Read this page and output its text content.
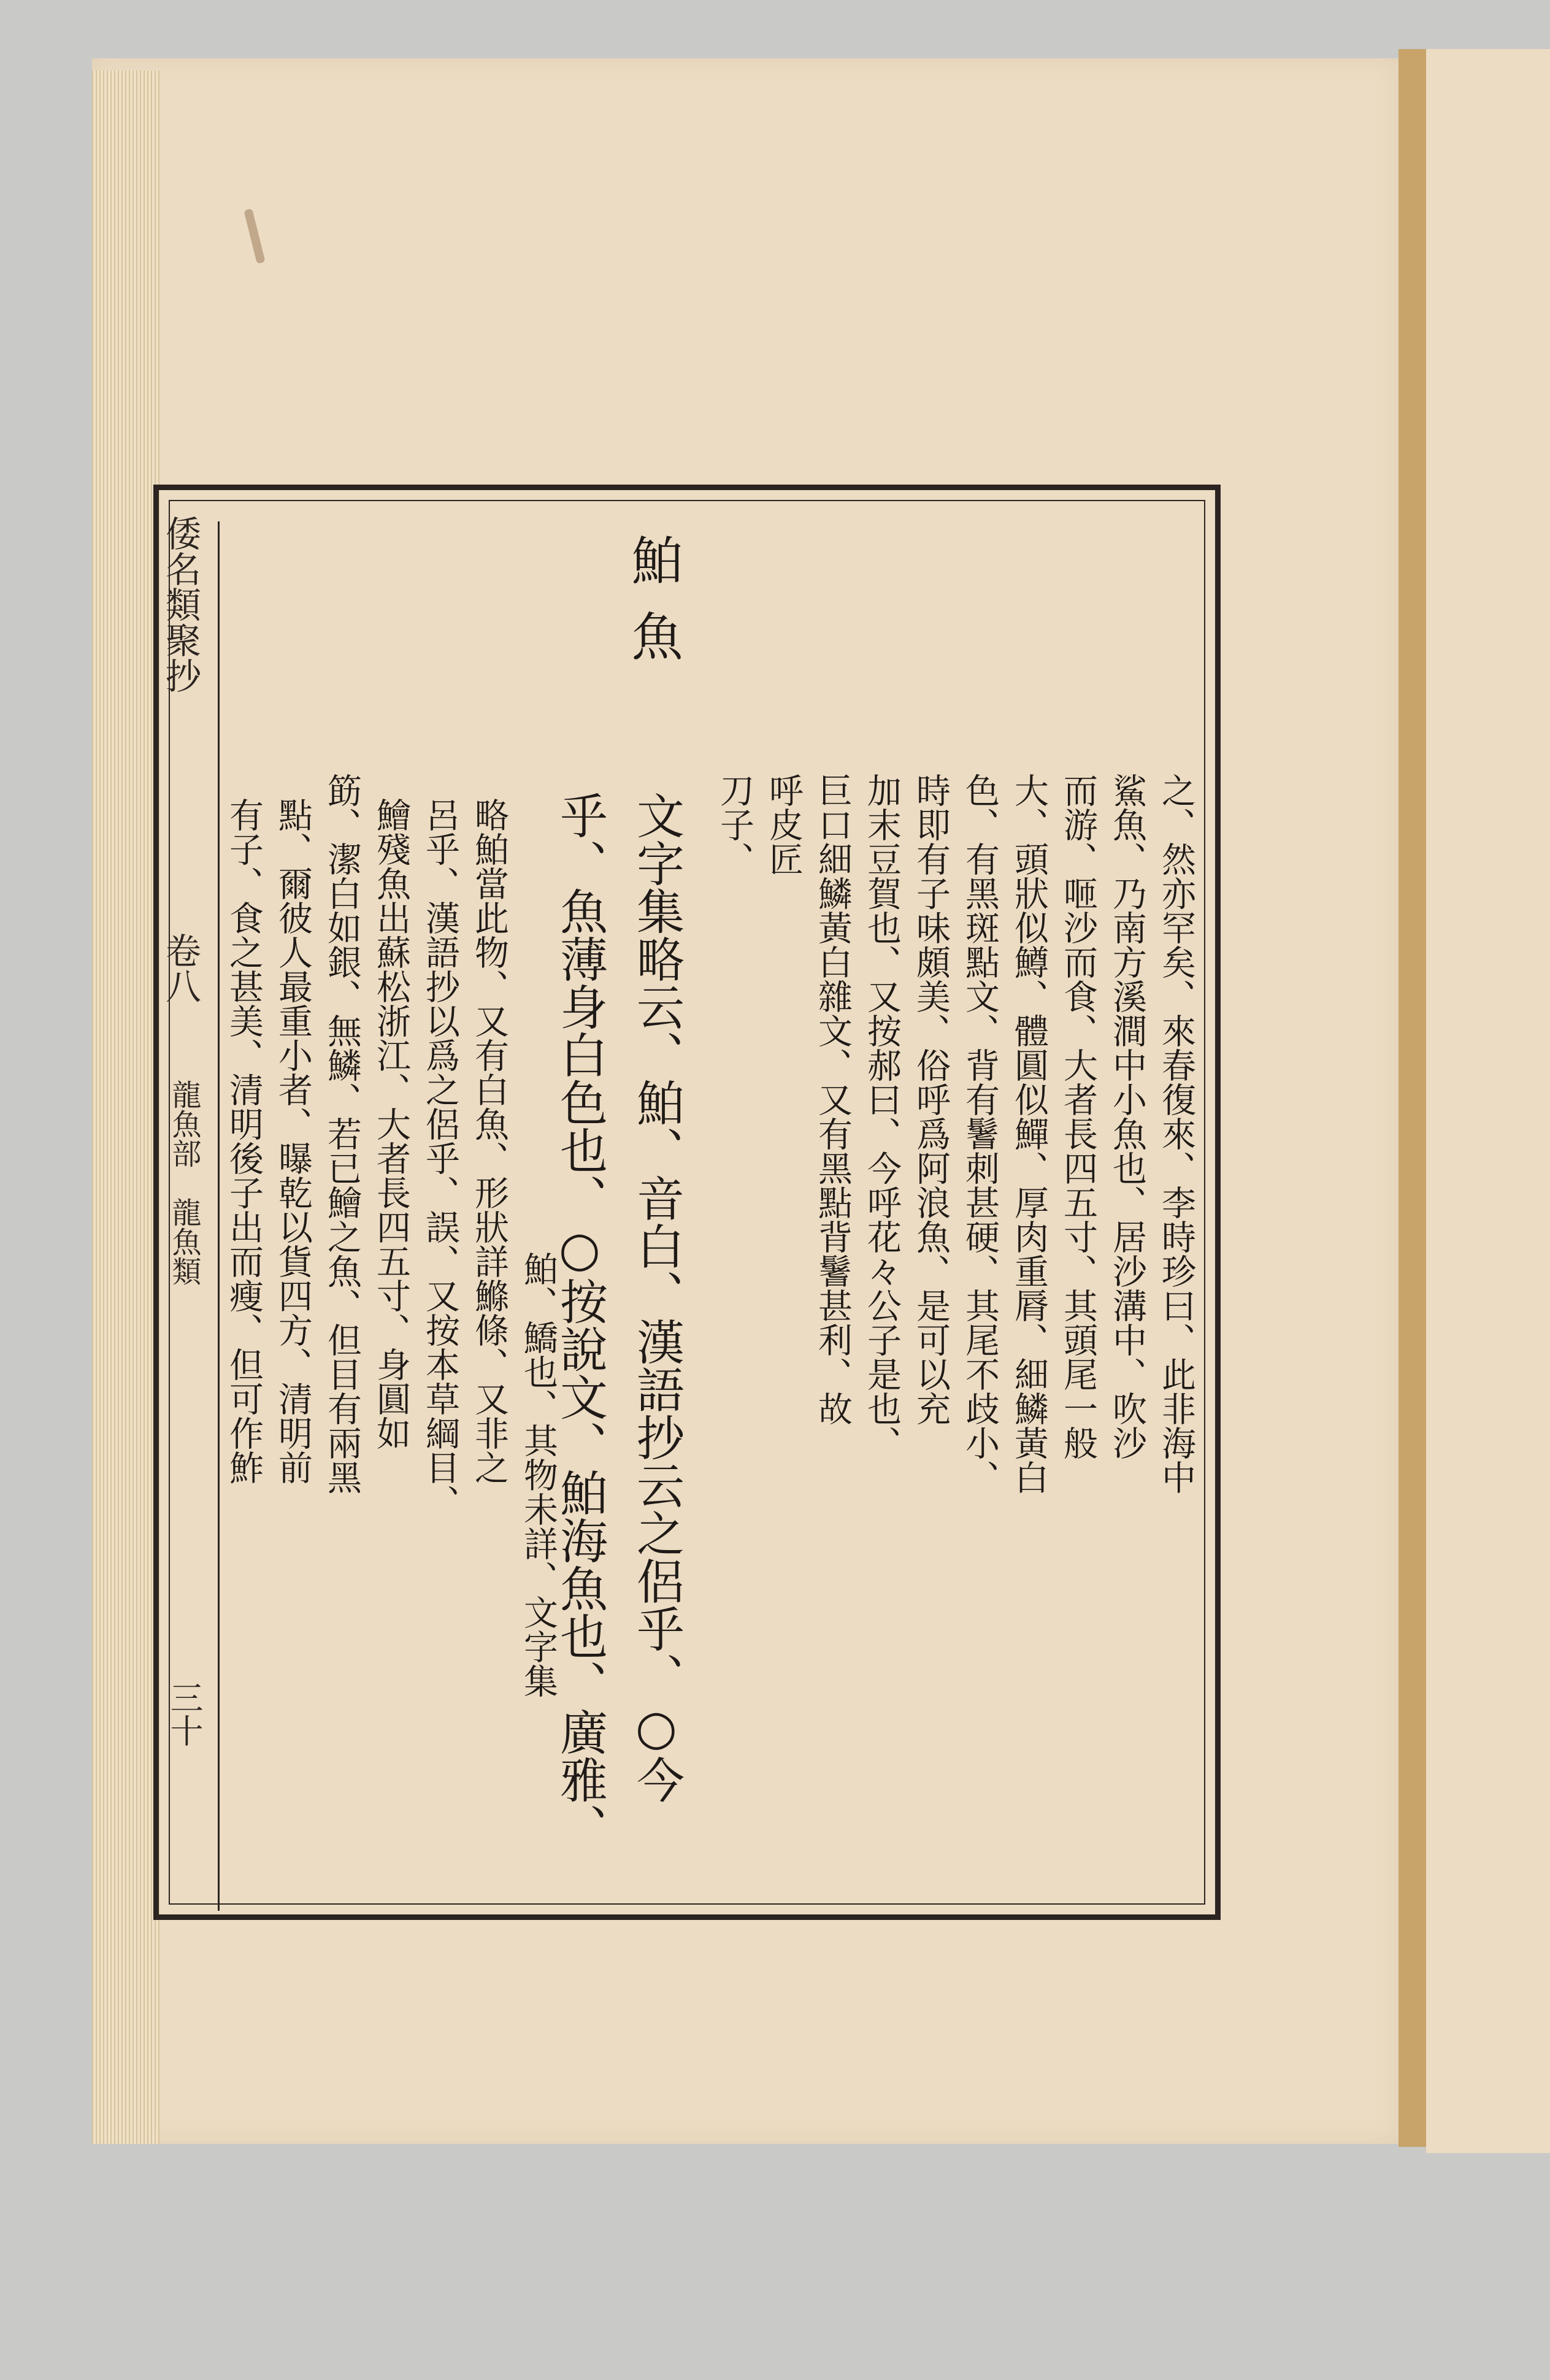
之、然亦罕矣、來春復來、李時珍曰、此非海中
鯊魚、乃南方溪澗中小魚也、居沙溝中、吹沙
而游、咂沙而食、大者長四五寸、其頭尾一般
大、頭狀似鱒、體圓似鱓、厚肉重脣、細鱗黃白
色、有黑斑點文、背有鬐刺甚硬、其尾不歧小、
時即有子味頗美、俗呼爲阿浪魚、是可以充
加末豆賀也、又按郝曰、今呼花々公子是也、
巨口細鱗黃白雜文、又有黑點背鬐甚利、故
呼皮匠
刀子、
鮊魚
文字集略云、鮊、音白、漢語抄云之侶乎、○今
乎、魚薄身白色也、○按說文、鮊海魚也、廣雅、
鮊、鱎也、其物未詳、文字集
略鮊當此物、又有白魚、形狀詳鰷條、又非之
呂乎、漢語抄以爲之侶乎、誤、又按本草綱目、
鱠殘魚出蘇松浙江、大者長四五寸、身圓如
筯、潔白如銀、無鱗、若已鱠之魚、但目有兩黑
點、爾彼人最重小者、曝乾以貨四方、清明前
有子、食之甚美、清明後子出而瘦、但可作鮓
倭名類聚抄
卷八
龍魚部　龍魚類
三十
